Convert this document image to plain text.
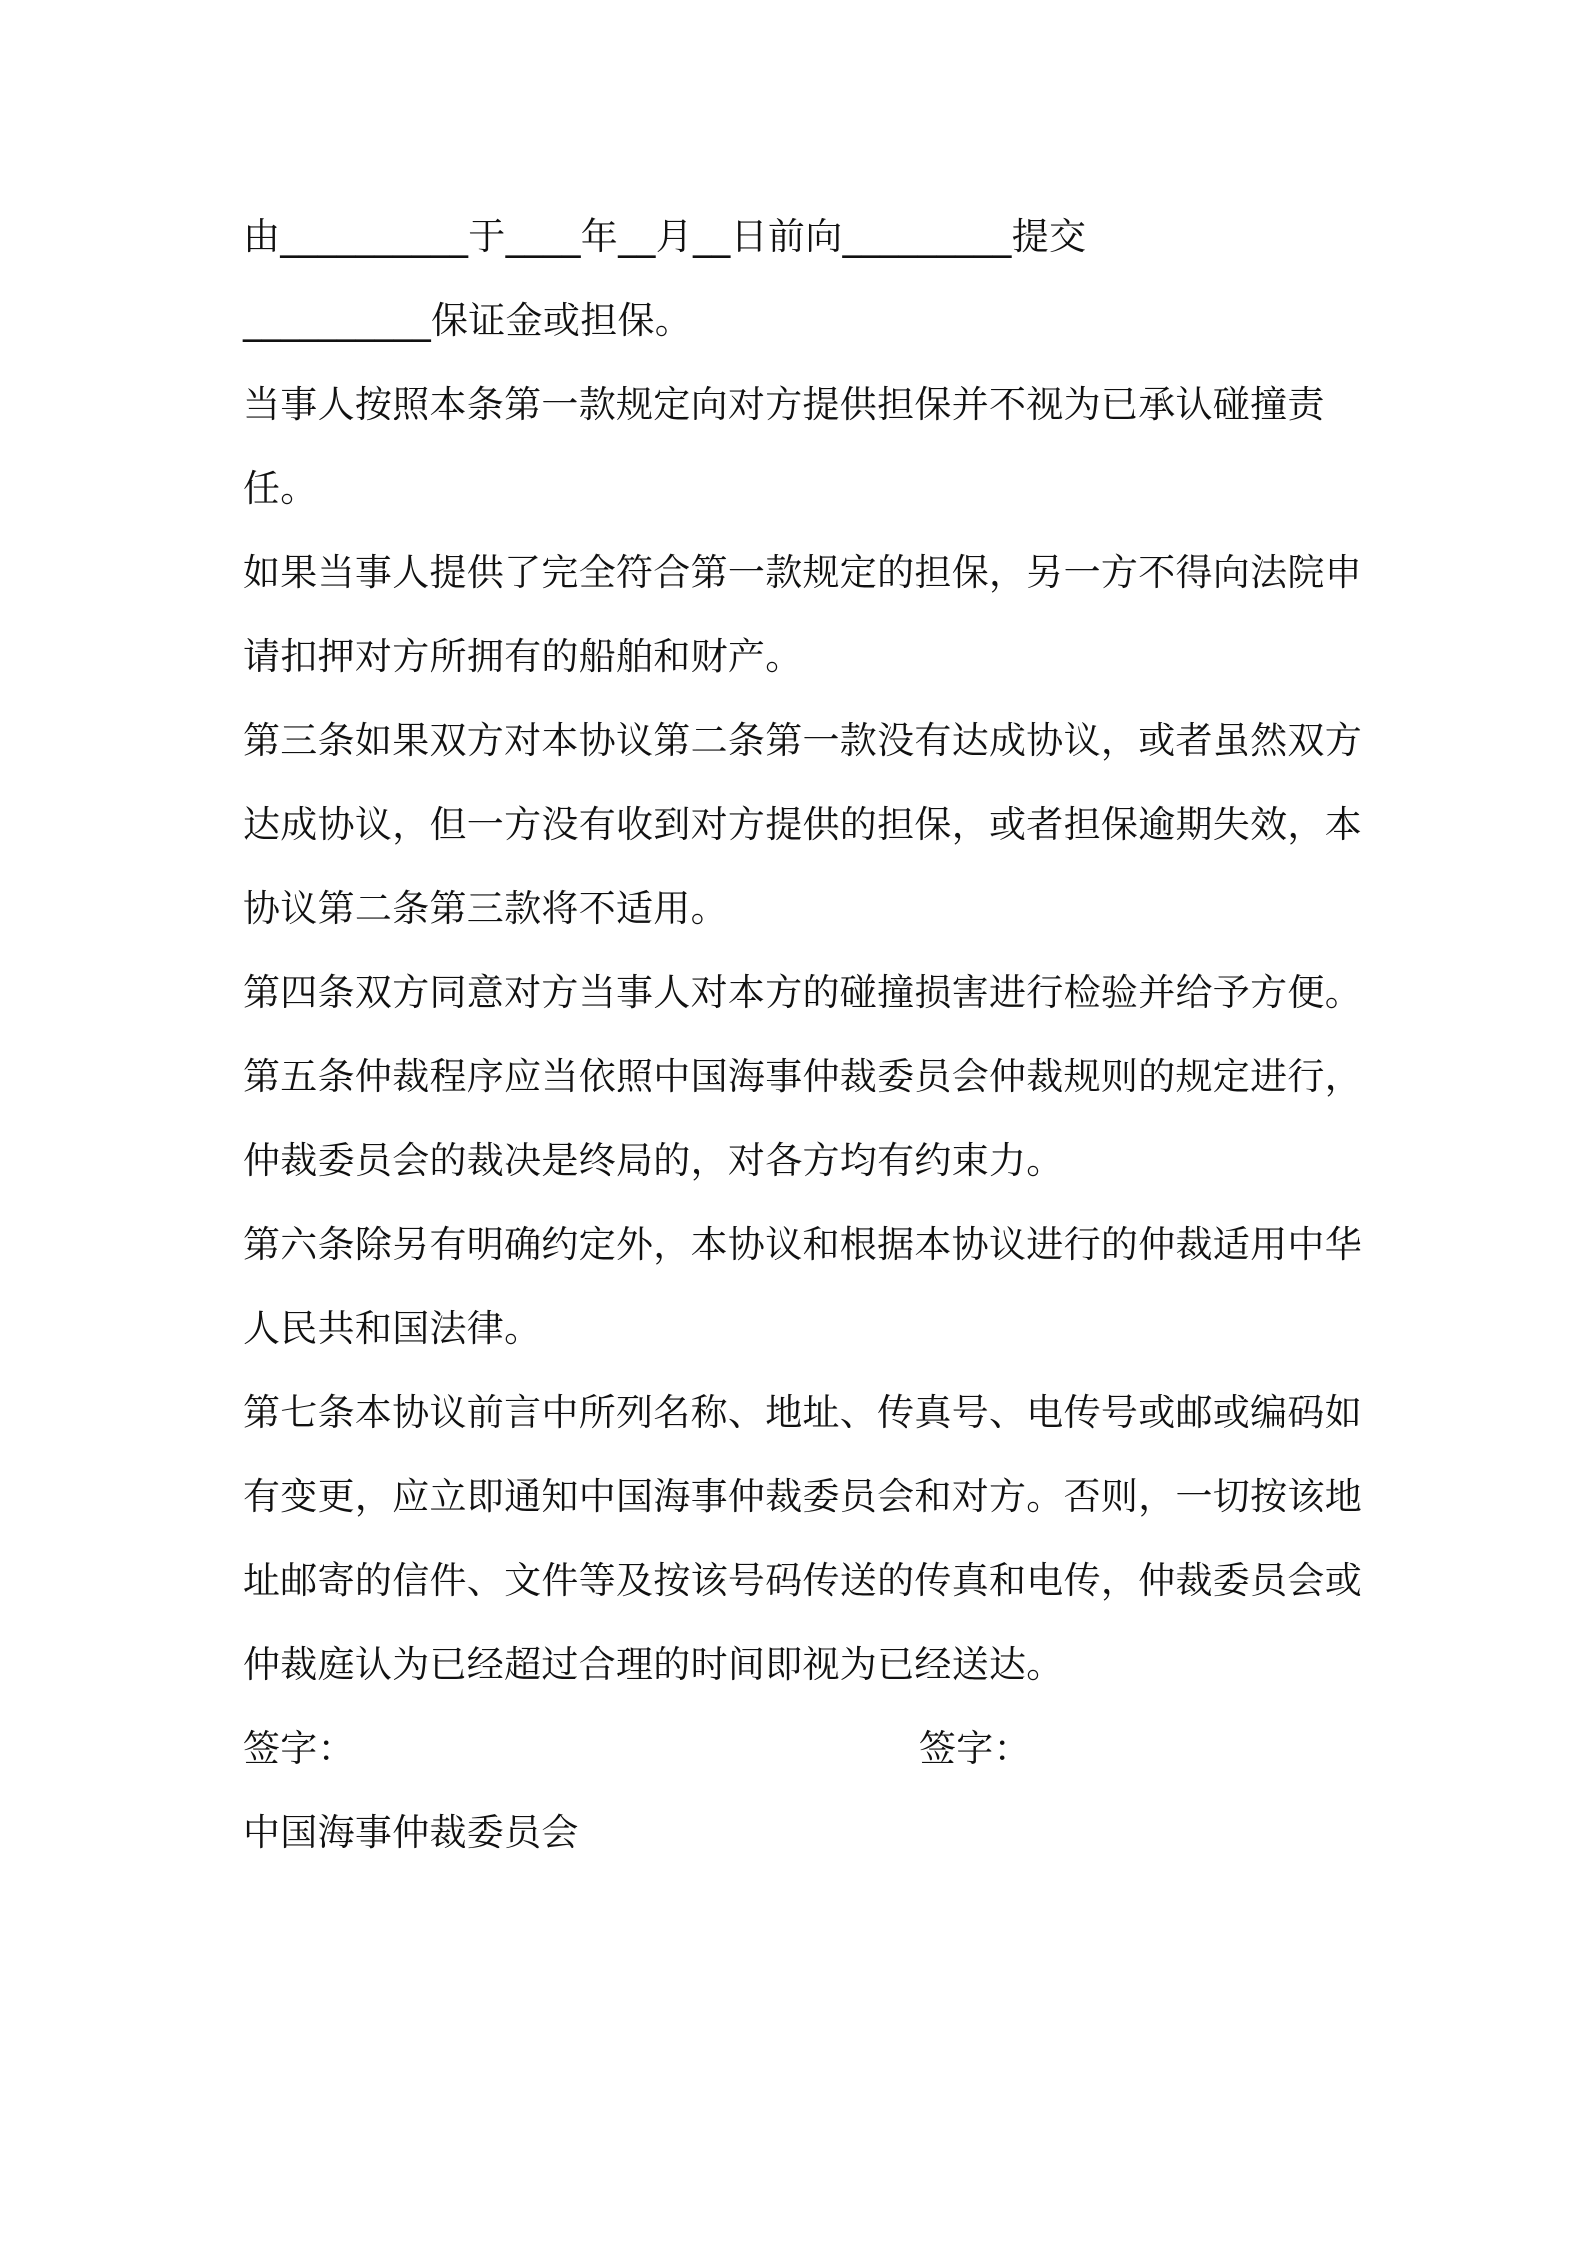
由__________于____年__月__日前向_________提交
__________保证金或担保。
当事人按照本条第一款规定向对方提供担保并不视为已承认碰撞责
任。
如果当事人提供了完全符合第一款规定的担保，另一方不得向法院申
请扣押对方所拥有的船舶和财产。
第三条如果双方对本协议第二条第一款没有达成协议，或者虽然双方
达成协议，但一方没有收到对方提供的担保，或者担保逾期失效，本
协议第二条第三款将不适用。
第四条双方同意对方当事人对本方的碰撞损害进行检验并给予方便。
第五条仲裁程序应当依照中国海事仲裁委员会仲裁规则的规定进行，
仲裁委员会的裁决是终局的，对各方均有约束力。
第六条除另有明确约定外，本协议和根据本协议进行的仲裁适用中华
人民共和国法律。
第七条本协议前言中所列名称、地址、传真号、电传号或邮或编码如
有变更，应立即通知中国海事仲裁委员会和对方。否则，一切按该地
址邮寄的信件、文件等及按该号码传送的传真和电传，仲裁委员会或
仲裁庭认为已经超过合理的时间即视为已经送达。
签字：	签字：
中国海事仲裁委员会
